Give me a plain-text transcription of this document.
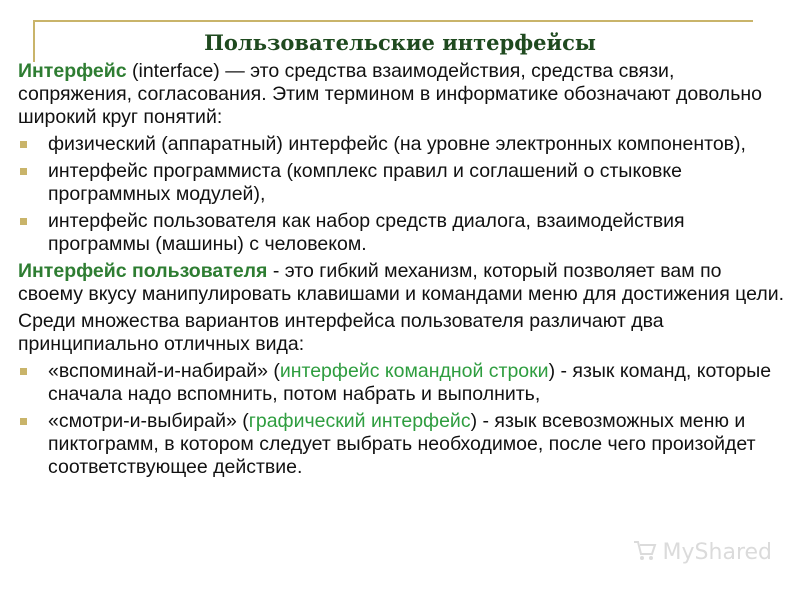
Пользовательские интерфейсы

Интерфейс (interface) — это средства взаимодействия, средства связи, сопряжения, согласования. Этим термином в информатике обозначают довольно широкий круг понятий:

физический (аппаратный) интерфейс (на уровне электронных компонентов),
интерфейс программиста (комплекс правил и соглашений о стыковке программных модулей),
интерфейс пользователя как набор средств диалога, взаимодействия программы (машины) с человеком.

Интерфейс пользователя - это гибкий механизм, который позволяет вам по своему вкусу манипулировать клавишами и командами меню для достижения цели.

Среди множества вариантов интерфейса пользователя различают два принципиально отличных вида:

«вспоминай-и-набирай» (интерфейс командной строки) - язык команд, которые сначала надо вспомнить, потом набрать и выполнить,
«смотри-и-выбирай» (графический интерфейс) - язык всевозможных меню и пиктограмм, в котором следует выбрать необходимое, после чего произойдет соответствующее действие.
MyShared
